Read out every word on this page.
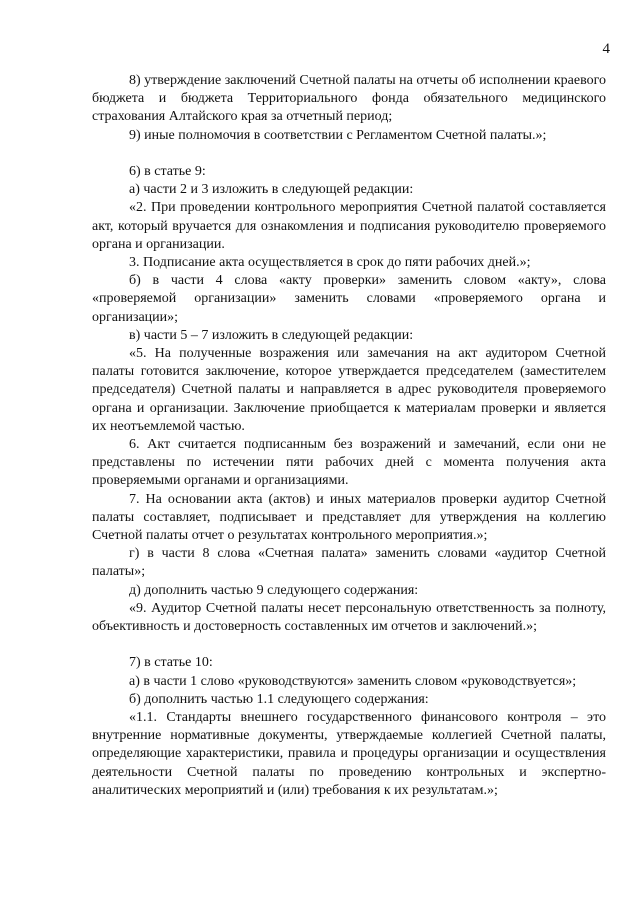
4

8) утверждение заключений Счетной палаты на отчеты об исполнении краевого бюджета и бюджета Территориального фонда обязательного медицинского страхования Алтайского края за отчетный период;

9) иные полномочия в соответствии с Регламентом Счетной палаты.»;

6) в статье 9:

а) части 2 и 3 изложить в следующей редакции:

«2. При проведении контрольного мероприятия Счетной палатой составляется акт, который вручается для ознакомления и подписания руководителю проверяемого органа и организации.

3. Подписание акта осуществляется в срок до пяти рабочих дней.»;

б) в части 4 слова «акту проверки» заменить словом «акту», слова «проверяемой организации» заменить словами «проверяемого органа и организации»;

в) части 5 – 7 изложить в следующей редакции:

«5. На полученные возражения или замечания на акт аудитором Счетной палаты готовится заключение, которое утверждается председателем (заместителем председателя) Счетной палаты и направляется в адрес руководителя проверяемого органа и организации. Заключение приобщается к материалам проверки и является их неотъемлемой частью.

6. Акт считается подписанным без возражений и замечаний, если они не представлены по истечении пяти рабочих дней с момента получения акта проверяемыми органами и организациями.

7. На основании акта (актов) и иных материалов проверки аудитор Счетной палаты составляет, подписывает и представляет для утверждения на коллегию Счетной палаты отчет о результатах контрольного мероприятия.»;

г) в части 8 слова «Счетная палата» заменить словами «аудитор Счетной палаты»;

д) дополнить частью 9 следующего содержания:

«9. Аудитор Счетной палаты несет персональную ответственность за полноту, объективность и достоверность составленных им отчетов и заключений.»;

7) в статье 10:

а) в части 1 слово «руководствуются» заменить словом «руководствуется»;

б) дополнить частью 1.1 следующего содержания:

«1.1. Стандарты внешнего государственного финансового контроля – это внутренние нормативные документы, утверждаемые коллегией Счетной палаты, определяющие характеристики, правила и процедуры организации и осуществления деятельности Счетной палаты по проведению контрольных и экспертно-аналитических мероприятий и (или) требования к их результатам.»;
